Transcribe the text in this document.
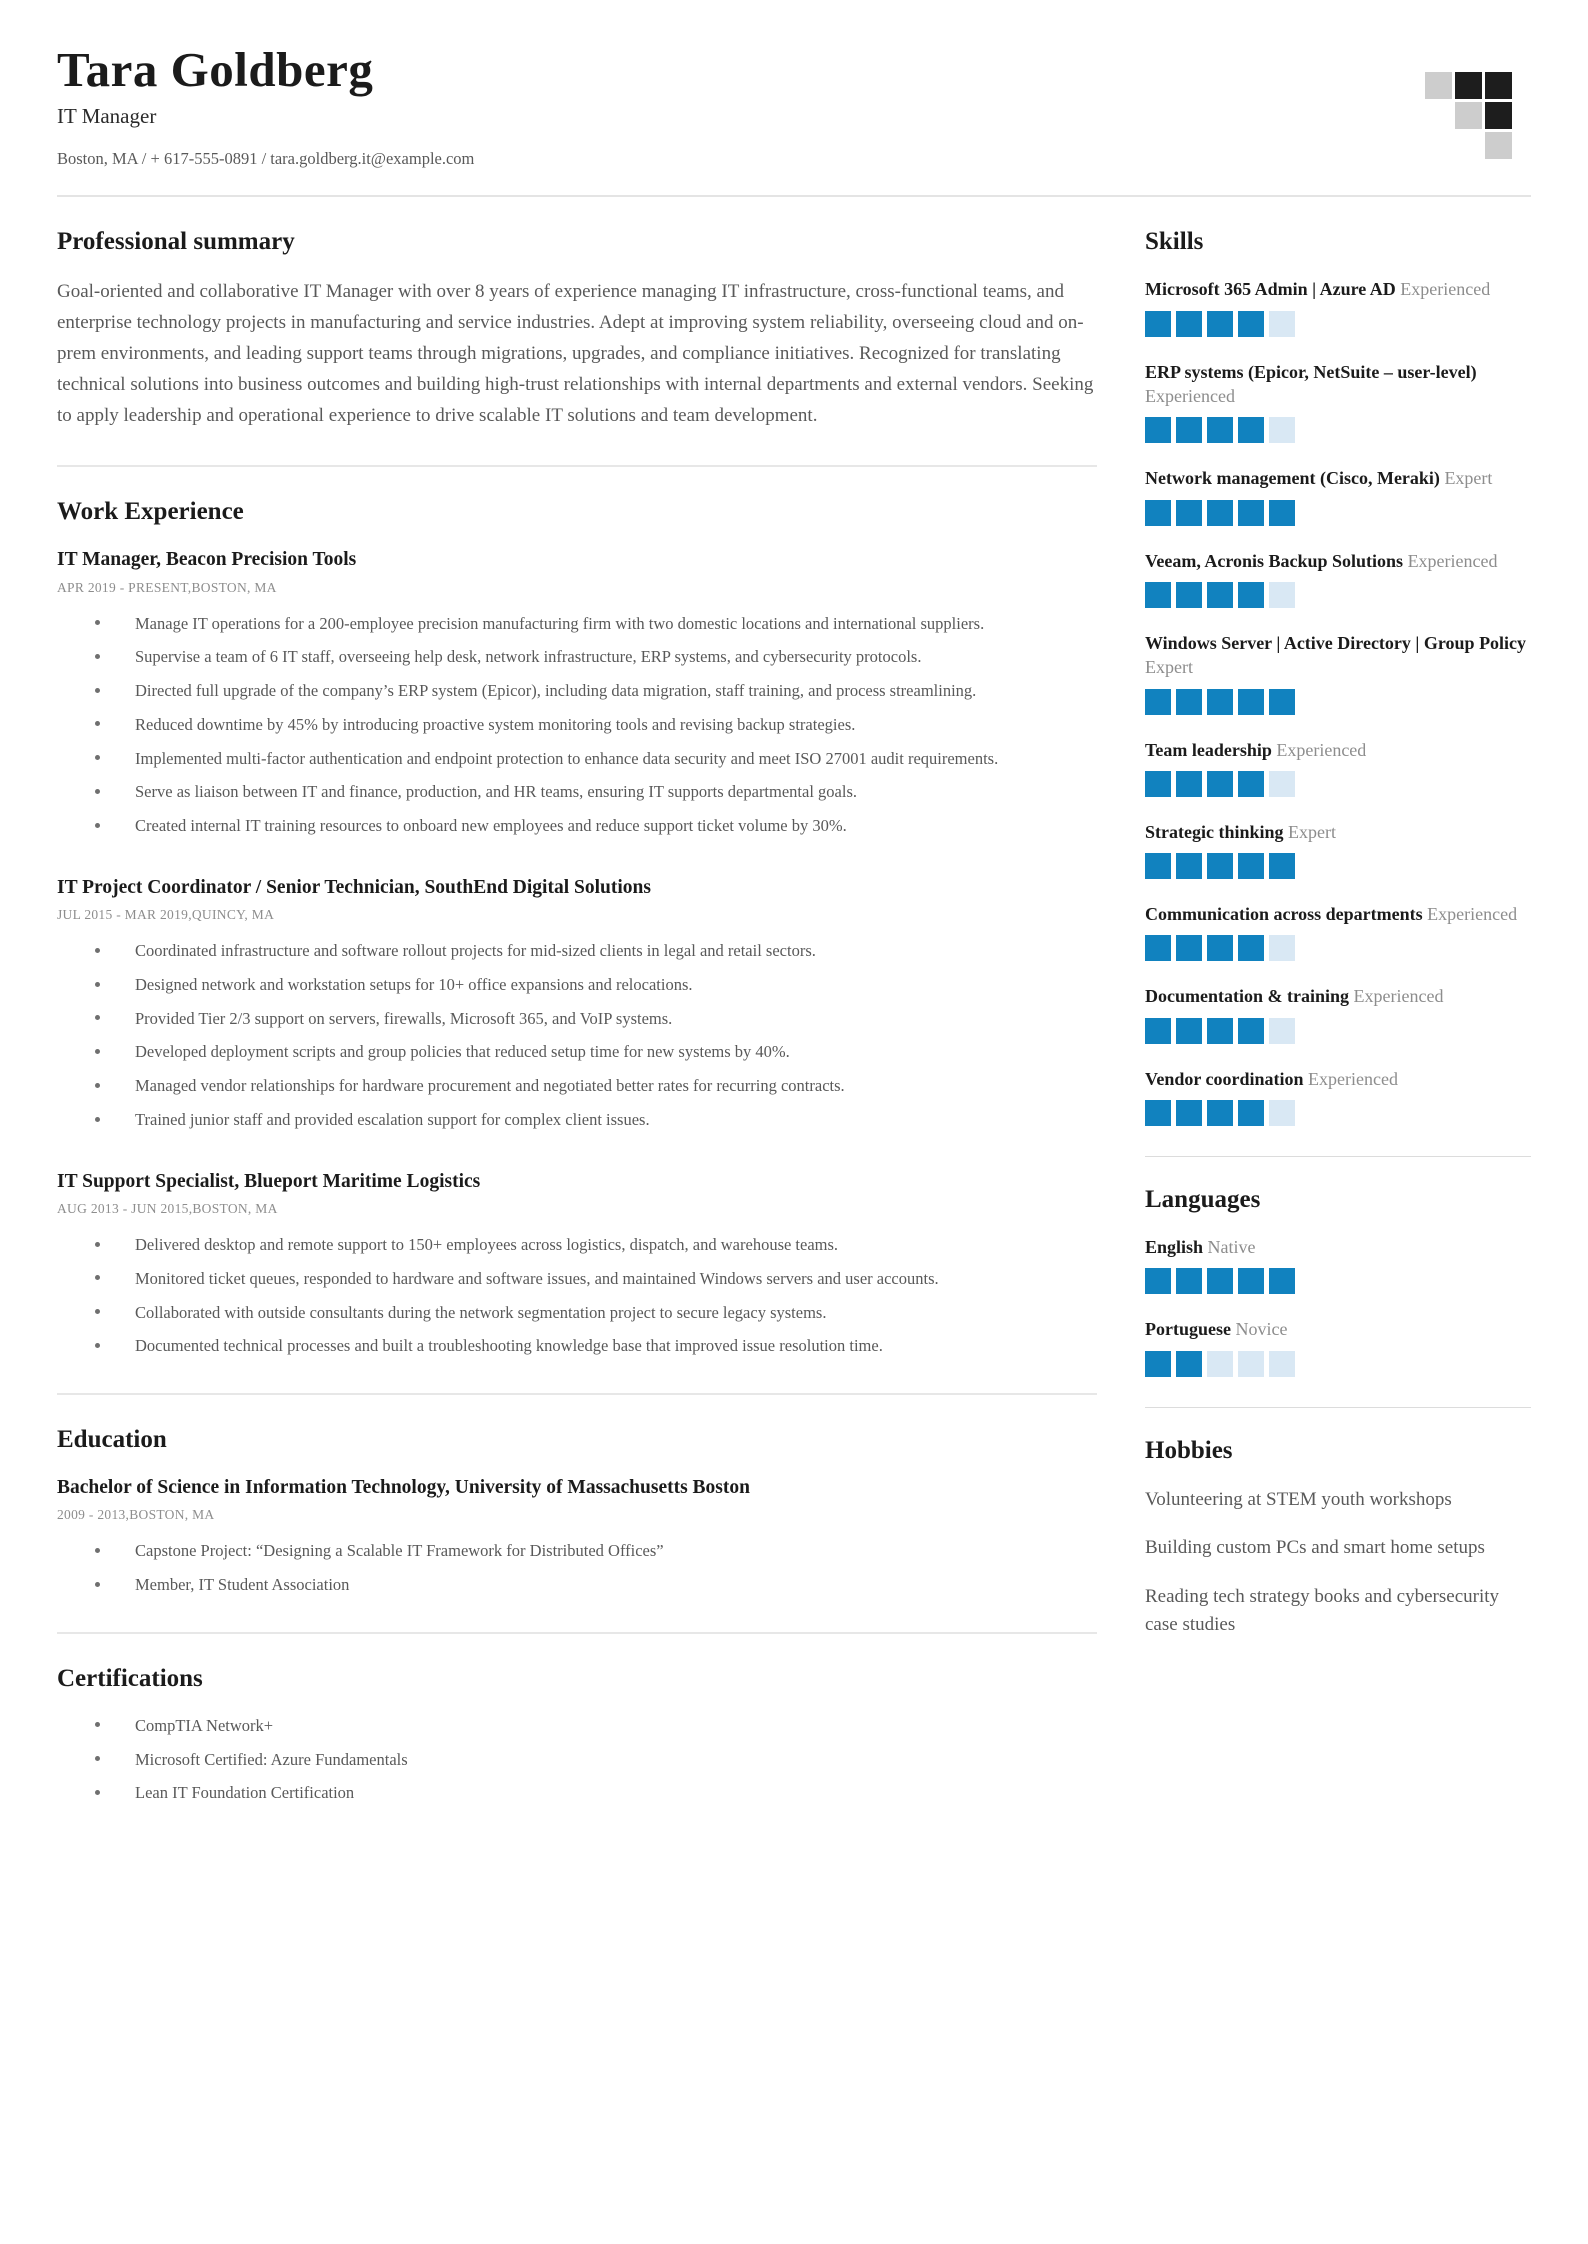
Tara Goldberg
IT Manager
Boston, MA / + 617-555-0891 / tara.goldberg.it@example.com
Professional summary

Goal-oriented and collaborative IT Manager with over 8 years of experience managing IT infrastructure, cross-functional teams, and enterprise technology projects in manufacturing and service industries. Adept at improving system reliability, overseeing cloud and on-prem environments, and leading support teams through migrations, upgrades, and compliance initiatives. Recognized for translating technical solutions into business outcomes and building high-trust relationships with internal departments and external vendors. Seeking to apply leadership and operational experience to drive scalable IT solutions and team development.

Work Experience
IT Manager, Beacon Precision Tools
APR 2019 - PRESENT,BOSTON, MA
Manage IT operations for a 200-employee precision manufacturing firm with two domestic locations and international suppliers.
Supervise a team of 6 IT staff, overseeing help desk, network infrastructure, ERP systems, and cybersecurity protocols.
Directed full upgrade of the company’s ERP system (Epicor), including data migration, staff training, and process streamlining.
Reduced downtime by 45% by introducing proactive system monitoring tools and revising backup strategies.
Implemented multi-factor authentication and endpoint protection to enhance data security and meet ISO 27001 audit requirements.
Serve as liaison between IT and finance, production, and HR teams, ensuring IT supports departmental goals.
Created internal IT training resources to onboard new employees and reduce support ticket volume by 30%.
IT Project Coordinator / Senior Technician, SouthEnd Digital Solutions
JUL 2015 - MAR 2019,QUINCY, MA
Coordinated infrastructure and software rollout projects for mid-sized clients in legal and retail sectors.
Designed network and workstation setups for 10+ office expansions and relocations.
Provided Tier 2/3 support on servers, firewalls, Microsoft 365, and VoIP systems.
Developed deployment scripts and group policies that reduced setup time for new systems by 40%.
Managed vendor relationships for hardware procurement and negotiated better rates for recurring contracts.
Trained junior staff and provided escalation support for complex client issues.
IT Support Specialist, Blueport Maritime Logistics
AUG 2013 - JUN 2015,BOSTON, MA
Delivered desktop and remote support to 150+ employees across logistics, dispatch, and warehouse teams.
Monitored ticket queues, responded to hardware and software issues, and maintained Windows servers and user accounts.
Collaborated with outside consultants during the network segmentation project to secure legacy systems.
Documented technical processes and built a troubleshooting knowledge base that improved issue resolution time.
Education
Bachelor of Science in Information Technology, University of Massachusetts Boston
2009 - 2013,BOSTON, MA
Capstone Project: “Designing a Scalable IT Framework for Distributed Offices”
Member, IT Student Association
Certifications
CompTIA Network+
Microsoft Certified: Azure Fundamentals
Lean IT Foundation Certification
Skills
Microsoft 365 Admin | Azure AD Experienced
ERP systems (Epicor, NetSuite – user-level) Experienced
Network management (Cisco, Meraki) Expert
Veeam, Acronis Backup Solutions Experienced
Windows Server | Active Directory | Group Policy Expert
Team leadership Experienced
Strategic thinking Expert
Communication across departments Experienced
Documentation & training Experienced
Vendor coordination Experienced
Languages
English Native
Portuguese Novice
Hobbies

Volunteering at STEM youth workshops

Building custom PCs and smart home setups

Reading tech strategy books and cybersecurity case studies
